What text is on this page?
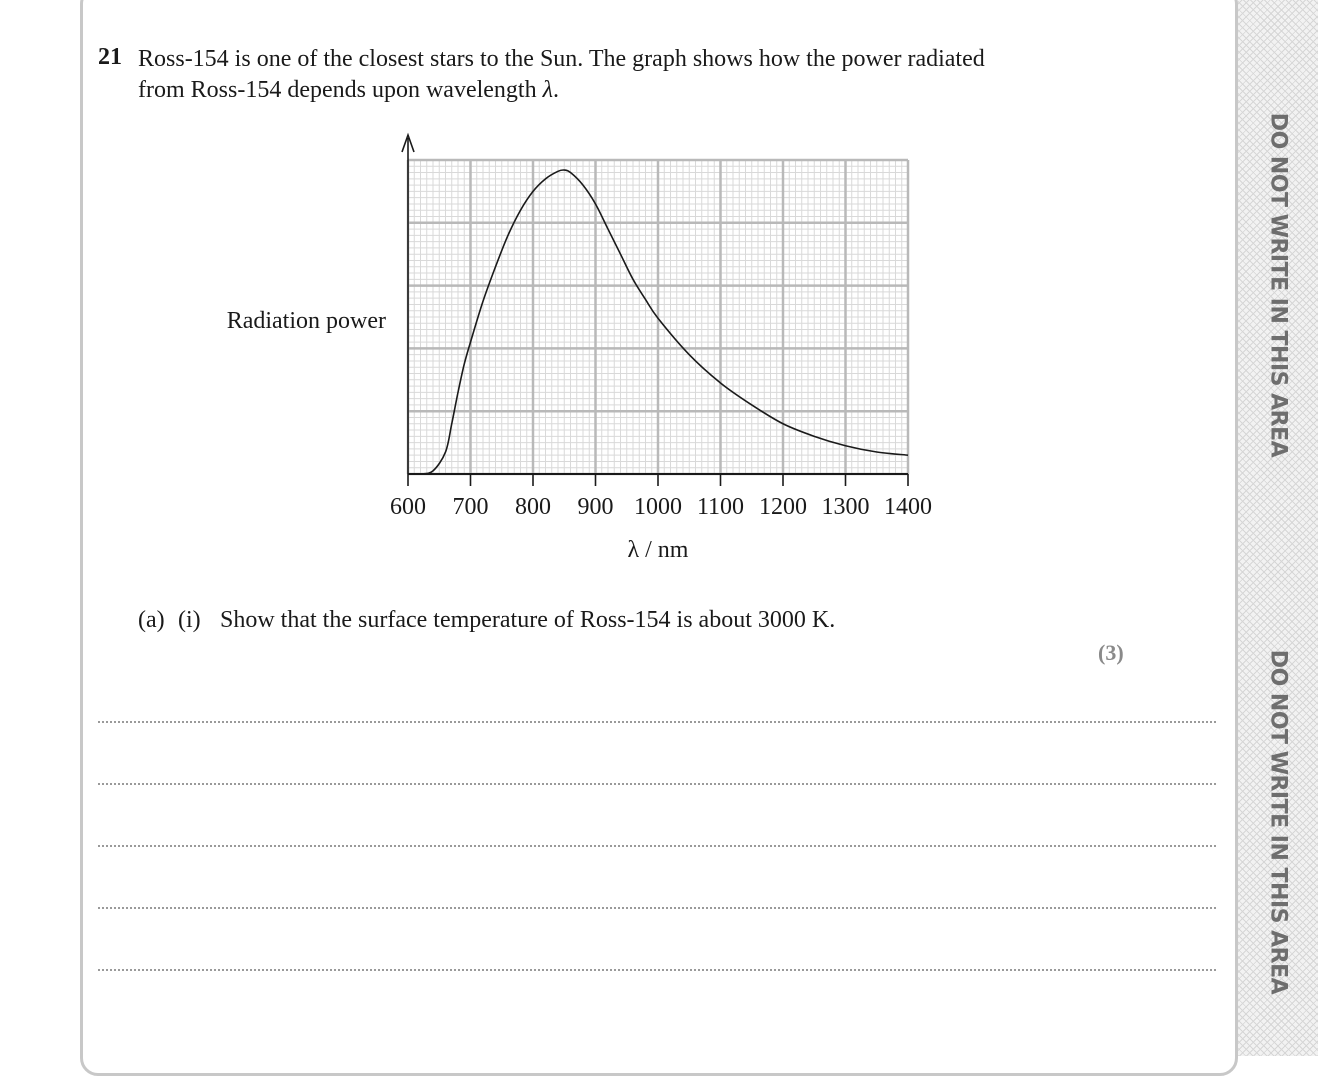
DO NOT WRITE IN THIS AREA
DO NOT WRITE IN THIS AREA
21 Ross-154 is one of the closest stars to the Sun. The graph shows how the power radiated
from Ross-154 depends upon wavelength λ.
600 700 800 900 1000 1100 1200 1300 1400
Radiation power
λ / nm
(a) (i) Show that the surface temperature of Ross-154 is about 3000 K.
(3)
